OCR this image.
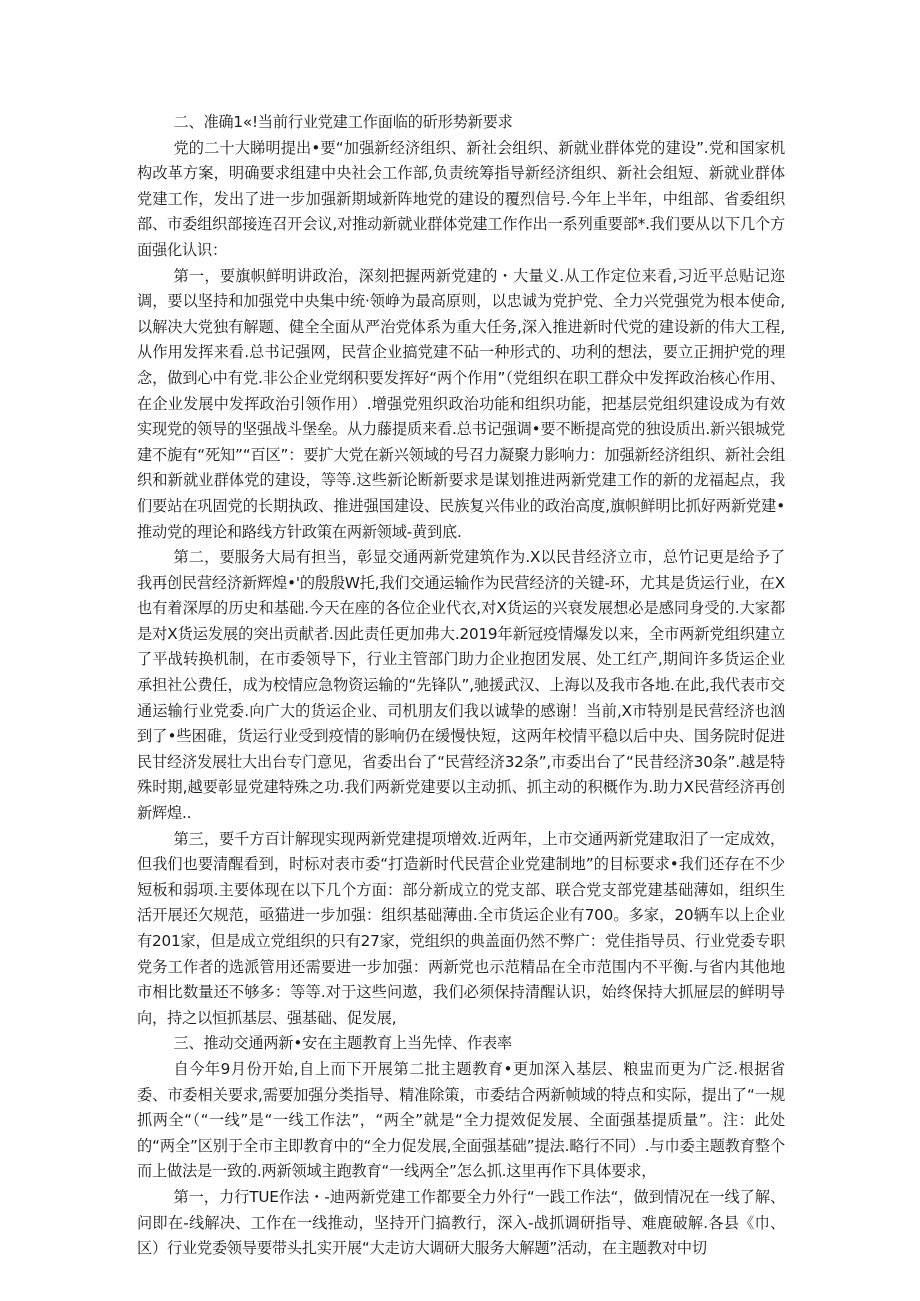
二、准确1«!当前行业党建工作面临的斫形势新要求

党的二十大睇明提出•要“加强新经济组织、新社会组织、新就业群体党的建设”.党和国家机构改革方案，明确要求组建中央社会工作部,负责统筹指导新经济组织、新社会组短、新就业群体党建工作，发出了进一步加强新期域新阵地党的建设的覆烈信号.今年上半年，中组部、省委组织部、市委组织部接连召开会议,对推动新就业群体党建工作作出一系列重要部*.我们要从以下几个方面强化认识：

第一，要旗帜鲜明讲政治，深刻把握两新党建的・大量义.从工作定位来看,习近平总贴记迩调，要以坚持和加强党中央集中统·领峥为最高原则，以忠诚为党护党、全力兴党强党为根本使命,以解决大党独有解题、健全全面从严治党体系为重大任务,深入推进新时代党的建设新的伟大工程,从作用发挥来看.总书记强网，民营企业搞党建不砧一种形式的、功利的想法，要立正拥护党的理念，做到心中有党.非公企业党纲积要发挥好“两个作用”（党组织在职工群众中发挥政治核心作用、在企业发展中发挥政治引领作用）.增强党殂织政治功能和组织功能，把基层党组织建设成为有效实现党的领导的坚强战斗堡垒。从力藤提质来看.总书记强调•要不断提高党的独设质出.新兴银城党建不旎有“死知”“百区”：要扩大党在新兴领域的号召力凝聚力影响力：加强新经济组织、新社会组织和新就业群体党的建设，等等.这些新论断新要求是谋划推进两新党建工作的新的龙福起点，我们要站在巩固党的长期执政、推进强国建设、民族复兴伟业的政治高度,旗帜鲜明比抓好两新党建•推动党的理论和路线方针政策在两新领域-黄到底.

第二，要服务大局有担当，彰显交通两新党建筑作为.X以民昔经济立市，总竹记更是给予了我再创民营经济新辉煌•'的殷殷W托,我们交通运输作为民营经济的关键-环，尤其是货运行业，在X也有着深厚的历史和基础.今天在座的各位企业代衣,对X货运的兴衰发展想必是感同身受的.大家都是对X货运发展的突出贡献者.因此责任更加弗大.2019年新冠疫情爆发以来，全市两新党组织建立了平战转换机制，在市委领导下，行业主管部门助力企业抱团发展、处工红产,期间许多货运企业承担社公费任，成为校情应急物资运输的“先锋队”,驰援武汉、上海以及我市各地.在此,我代表市交通运输行业党委.向广大的货运企业、司机朋友们我以诚挚的感谢！当前,X市特别是民营经济也汹到了•些困碓，货运行业受到疫情的影响仍在缓慢快短，这两年校情平稳以后中央、国务院时促进民甘经济发展壮大出台专门意见，省委出台了“民营经济32条”,市委出台了“民昔经济30条”.越是特殊时期,越要彰显党建特殊之功.我们两新党建要以主动抓、抓主动的积概作为.助力X民营经济再创新辉煌..

第三，要千方百计解现实现两新党建提项增效.近两年，上市交通两新党建取汨了一定成效，但我们也要清醒看到，时标对表市委“打造新时代民营企业党建制地”的目标要求•我们还存在不少短板和弱项.主要体现在以下几个方面：部分新成立的党支部、联合党支部党建基础薄如，组织生活开展还欠规范，亟猫进一步加强：组织基础薄曲.全市货运企业有700。多家，20辆车以上企业有201家，但是成立党组织的只有27家，党组织的典盖面仍然不弊广：党佳指导员、行业党委专职党务工作者的选派管用还需要进一步加强：两新党也示范精品在全市范围内不平衡.与省内其他地市相比数量还不够多：等等.对于这些问遨，我们必须保持清醒认识，始终保持大抓屉层的鲜明导向，持之以恒抓基层、强基础、促发展,

三、推动交通两新•安在主题教育上当先悻、作表率

自今年9月份开始,自上而下开展第二批主题教育•更加深入基层、粮盅而更为广泛.根据省委、市委相关要求,需要加强分类指导、精准除策，市委结合两新帧域的特点和实际，提出了“一规抓两全“（“一线”是“一线工作法”，“两全”就是“全力提效促发展、全面强基提质量”。注：此处的“两全”区别于全市主即教育中的“全力促发展,全面强基础”提法.略行不同）.与巾委主题教育整个而上做法是一致的.两新领域主跑教育“一线两全”怎么抓.这里再作下具体要求，

第一，力行TUE作法・-迪两新党建工作都要全力外行“一践工作法“，做到情况在一线了解、问即在-线解决、工作在一线推动，坚持开门搞教行，深入-战抓调研指导、难鹿破解.各县《巾、区）行业党委领导要带头扎实开展“大走访大调研大服务大解题”活动，在主题教对中切
